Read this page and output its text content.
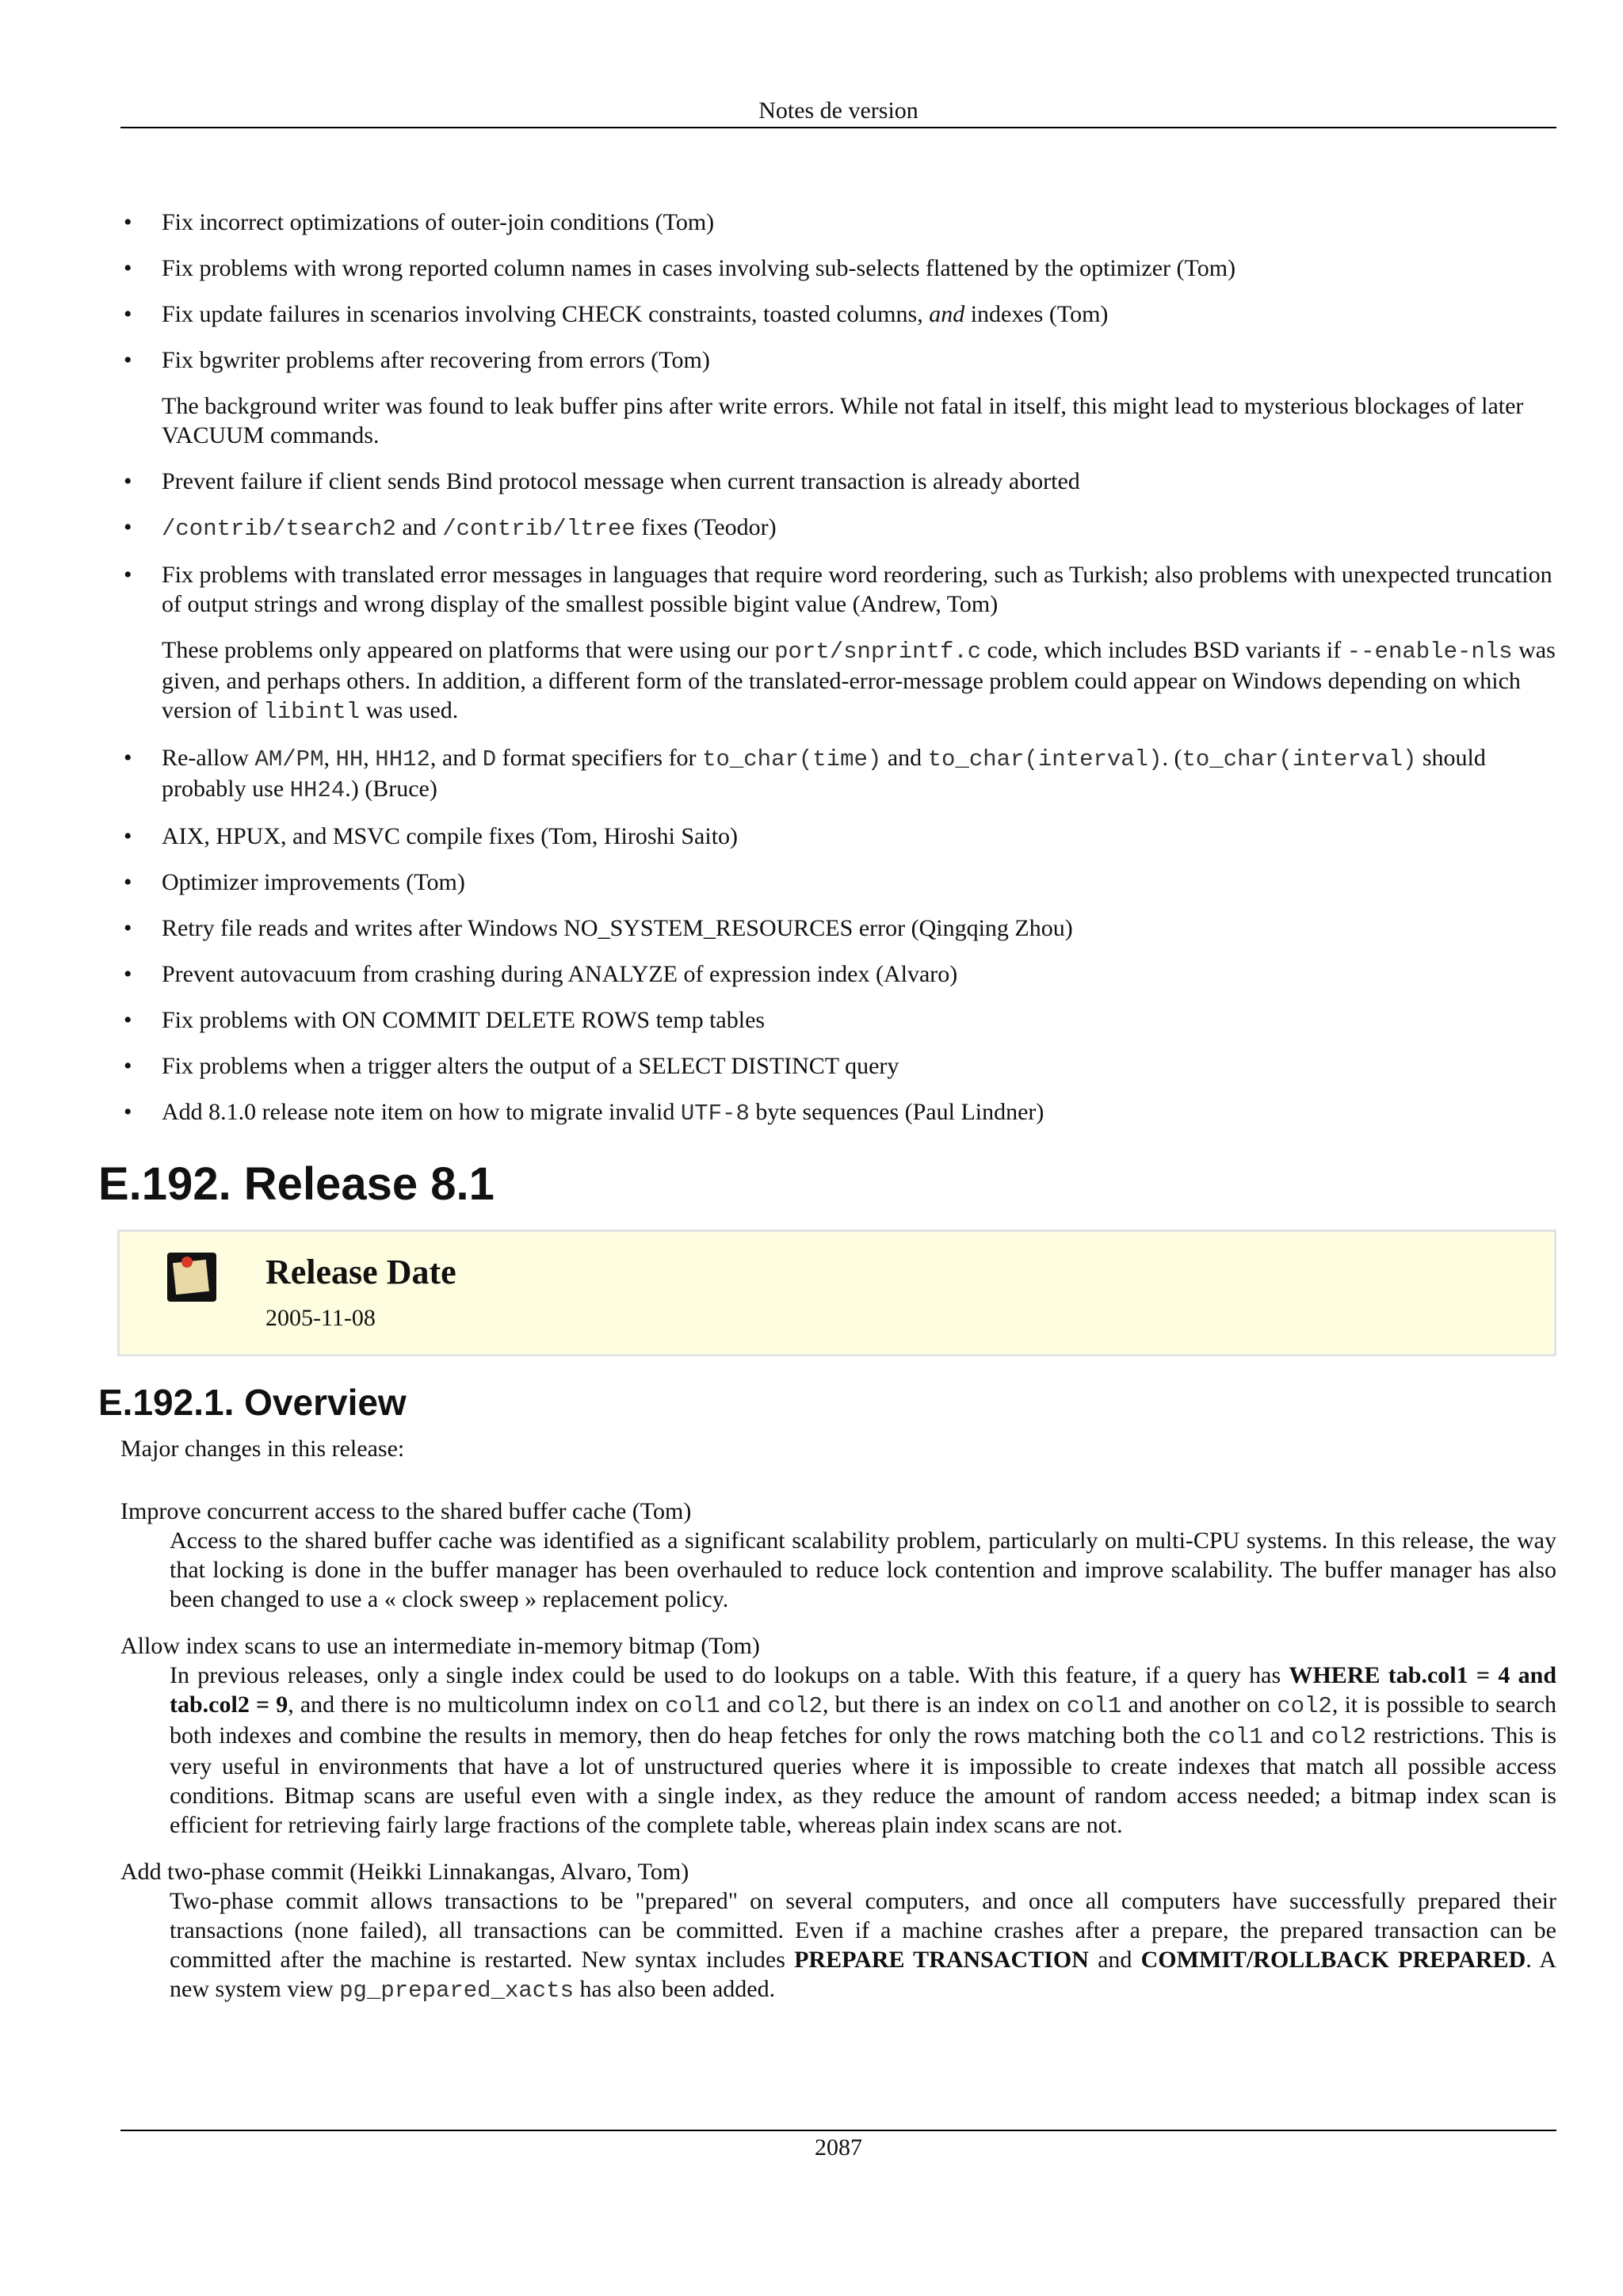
Notes de version
• Fix incorrect optimizations of outer-join conditions (Tom)
• Fix problems with wrong reported column names in cases involving sub-selects flattened by the optimizer (Tom)
• Fix update failures in scenarios involving CHECK constraints, toasted columns, and indexes (Tom)
• Fix bgwriter problems after recovering from errors (Tom)
The background writer was found to leak buffer pins after write errors. While not fatal in itself, this might lead to mysterious blockages of later VACUUM commands.
• Prevent failure if client sends Bind protocol message when current transaction is already aborted
• /contrib/tsearch2 and /contrib/ltree fixes (Teodor)
• Fix problems with translated error messages in languages that require word reordering, such as Turkish; also problems with unexpected truncation of output strings and wrong display of the smallest possible bigint value (Andrew, Tom)
These problems only appeared on platforms that were using our port/snprintf.c code, which includes BSD variants if --enable-nls was given, and perhaps others. In addition, a different form of the translated-error-message problem could appear on Windows depending on which version of libintl was used.
• Re-allow AM/PM, HH, HH12, and D format specifiers for to_char(time) and to_char(interval). (to_char(interval) should probably use HH24.) (Bruce)
• AIX, HPUX, and MSVC compile fixes (Tom, Hiroshi Saito)
• Optimizer improvements (Tom)
• Retry file reads and writes after Windows NO_SYSTEM_RESOURCES error (Qingqing Zhou)
• Prevent autovacuum from crashing during ANALYZE of expression index (Alvaro)
• Fix problems with ON COMMIT DELETE ROWS temp tables
• Fix problems when a trigger alters the output of a SELECT DISTINCT query
• Add 8.1.0 release note item on how to migrate invalid UTF-8 byte sequences (Paul Lindner)
E.192. Release 8.1
Release Date
2005-11-08
E.192.1. Overview

Major changes in this release:

Improve concurrent access to the shared buffer cache (Tom)
Access to the shared buffer cache was identified as a significant scalability problem, particularly on multi-CPU systems. In this release, the way that locking is done in the buffer manager has been overhauled to reduce lock contention and improve scalability. The buffer manager has also been changed to use a « clock sweep » replacement policy.
Allow index scans to use an intermediate in-memory bitmap (Tom)
In previous releases, only a single index could be used to do lookups on a table. With this feature, if a query has WHERE tab.col1 = 4 and tab.col2 = 9, and there is no multicolumn index on col1 and col2, but there is an index on col1 and another on col2, it is possible to search both indexes and combine the results in memory, then do heap fetches for only the rows matching both the col1 and col2 restrictions. This is very useful in environments that have a lot of unstructured queries where it is impossible to create indexes that match all possible access conditions. Bitmap scans are useful even with a single index, as they reduce the amount of random access needed; a bitmap index scan is efficient for retrieving fairly large fractions of the complete table, whereas plain index scans are not.
Add two-phase commit (Heikki Linnakangas, Alvaro, Tom)
Two-phase commit allows transactions to be "prepared" on several computers, and once all computers have successfully prepared their transactions (none failed), all transactions can be committed. Even if a machine crashes after a prepare, the prepared transaction can be committed after the machine is restarted. New syntax includes PREPARE TRANSACTION and COMMIT/ROLLBACK PREPARED. A new system view pg_prepared_xacts has also been added.
2087
